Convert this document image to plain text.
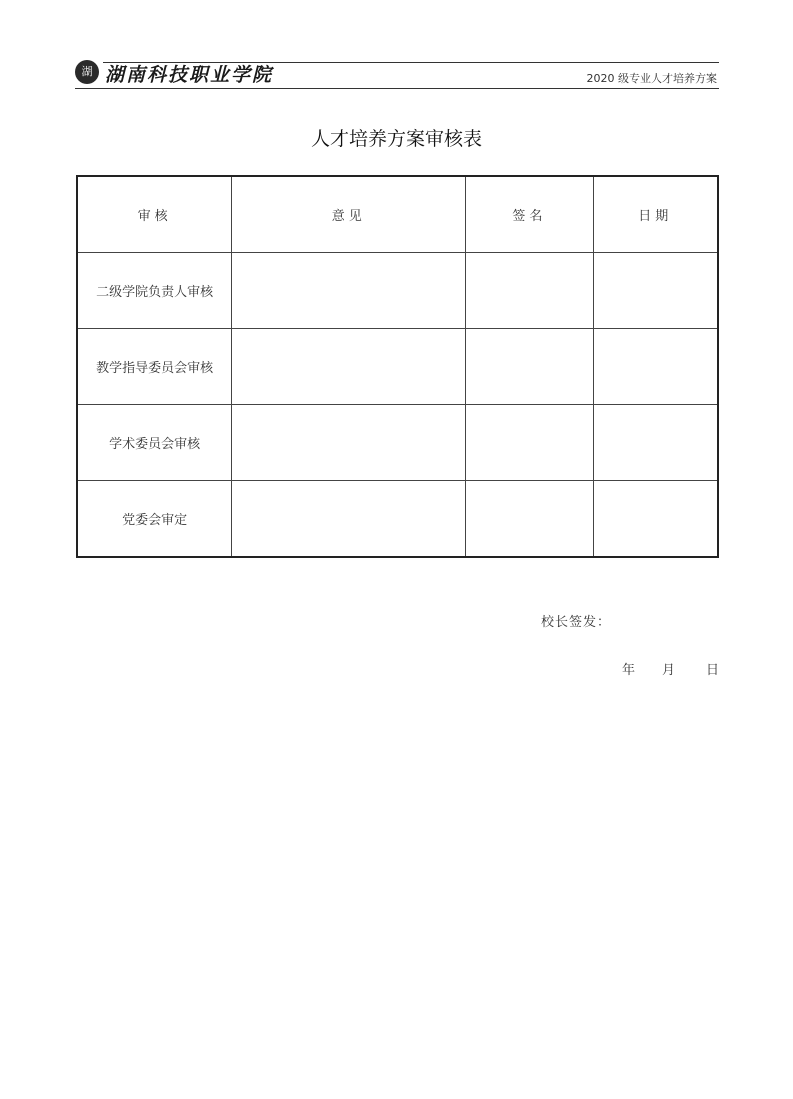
湖 湖南科技职业学院	2020 级专业人才培养方案
人才培养方案审核表
审核	意见	签名	日期
二级学院负责人审核			
教学指导委员会审核			
学术委员会审核			
党委会审定			
校长签发：
年 月 日
